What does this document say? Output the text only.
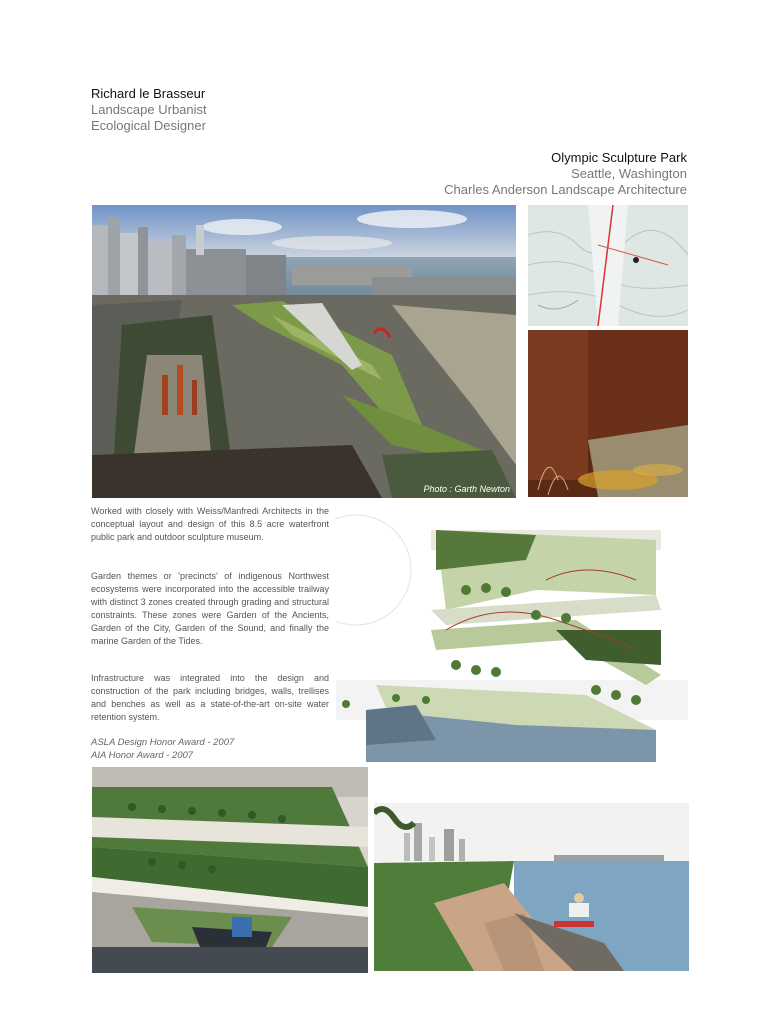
Richard le Brasseur
Landscape Urbanist
Ecological Designer
Olympic Sculpture Park
Seattle, Washington
Charles Anderson Landscape Architecture
Photo : Garth Newton
Worked with closely with Weiss/Manfredi Architects in the conceptual layout and design of this 8.5 acre waterfront public park and outdoor sculpture museum.
Garden themes or 'precincts' of indigenous Northwest ecosystems were incorporated into the accessible trailway with distinct 3 zones created through grading and structural constraints. These zones were Garden of the Ancients, Garden of the City, Garden of the Sound, and finally the marine Garden of the Tides.
Infrastructure was integrated into the design and construction of the park including bridges, walls, trellises and benches as well as a state-of-the-art on-site water retention system.
ASLA Design Honor Award - 2007
AIA Honor Award - 2007
